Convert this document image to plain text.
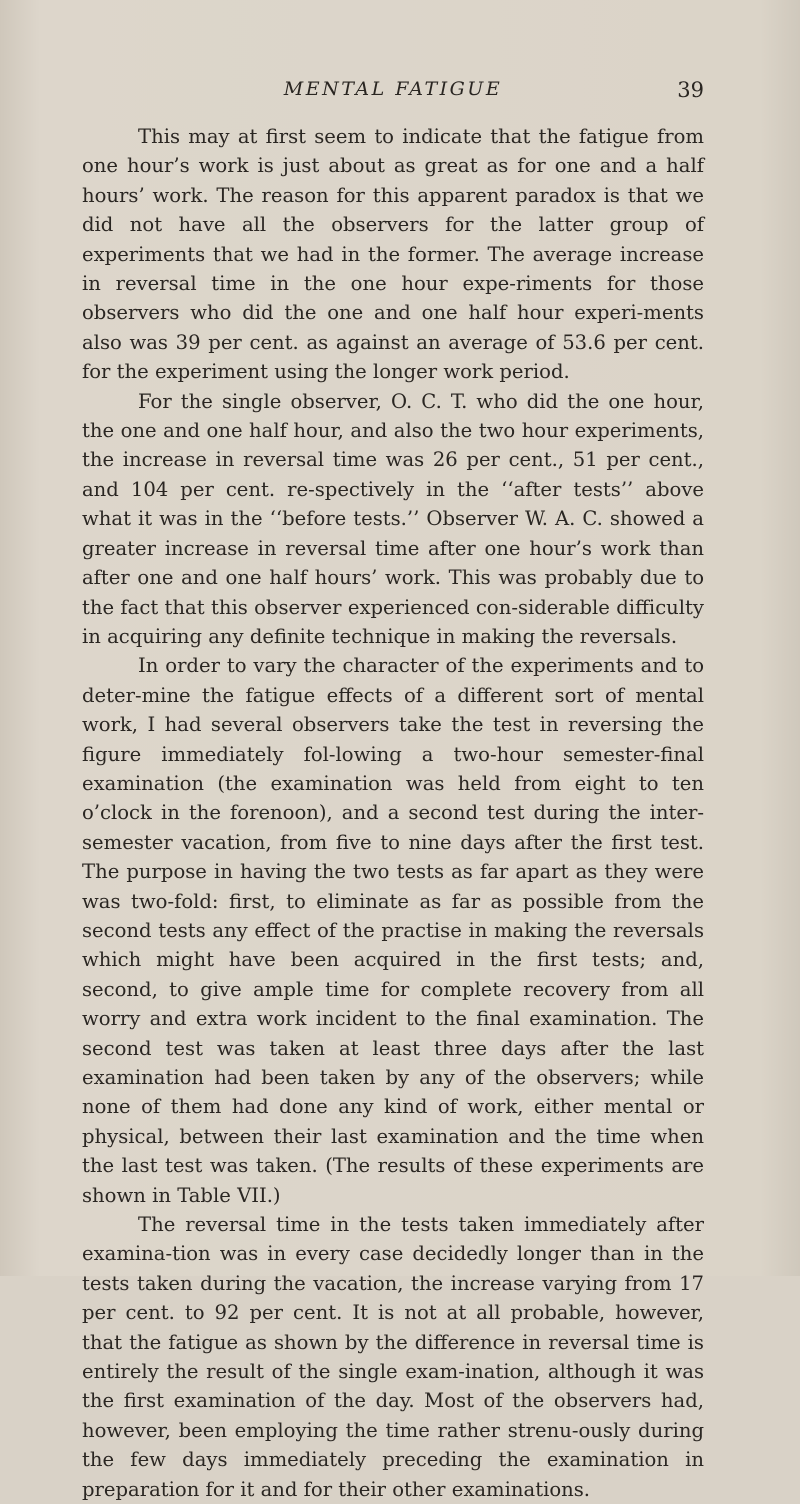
MENTAL FATIGUE	39

This may at first seem to indicate that the fatigue from one hour’s work is just about as great as for one and a half hours’ work. The reason for this apparent paradox is that we did not have all the observers for the latter group of experiments that we had in the former. The average increase in reversal time in the one hour expe-riments for those observers who did the one and one half hour experi-ments also was 39 per cent. as against an average of 53.6 per cent. for the experiment using the longer work period.

For the single observer, O. C. T. who did the one hour, the one and one half hour, and also the two hour experiments, the increase in reversal time was 26 per cent., 51 per cent., and 104 per cent. re-spectively in the ‘‘after tests’’ above what it was in the ‘‘before tests.’’ Observer W. A. C. showed a greater increase in reversal time after one hour’s work than after one and one half hours’ work. This was probably due to the fact that this observer experienced con-siderable difficulty in acquiring any definite technique in making the reversals.

In order to vary the character of the experiments and to deter-mine the fatigue effects of a different sort of mental work, I had several observers take the test in reversing the figure immediately fol-lowing a two-hour semester-final examination (the examination was held from eight to ten o’clock in the forenoon), and a second test during the inter-semester vacation, from five to nine days after the first test. The purpose in having the two tests as far apart as they were was two-fold: first, to eliminate as far as possible from the second tests any effect of the practise in making the reversals which might have been acquired in the first tests; and, second, to give ample time for complete recovery from all worry and extra work incident to the final examination. The second test was taken at least three days after the last examination had been taken by any of the observers; while none of them had done any kind of work, either mental or physical, between their last examination and the time when the last test was taken. (The results of these experiments are shown in Table VII.)

The reversal time in the tests taken immediately after examina-tion was in every case decidedly longer than in the tests taken during the vacation, the increase varying from 17 per cent. to 92 per cent. It is not at all probable, however, that the fatigue as shown by the difference in reversal time is entirely the result of the single exam-ination, although it was the first examination of the day. Most of the observers had, however, been employing the time rather strenu-ously during the few days immediately preceding the examination in preparation for it and for their other examinations.
